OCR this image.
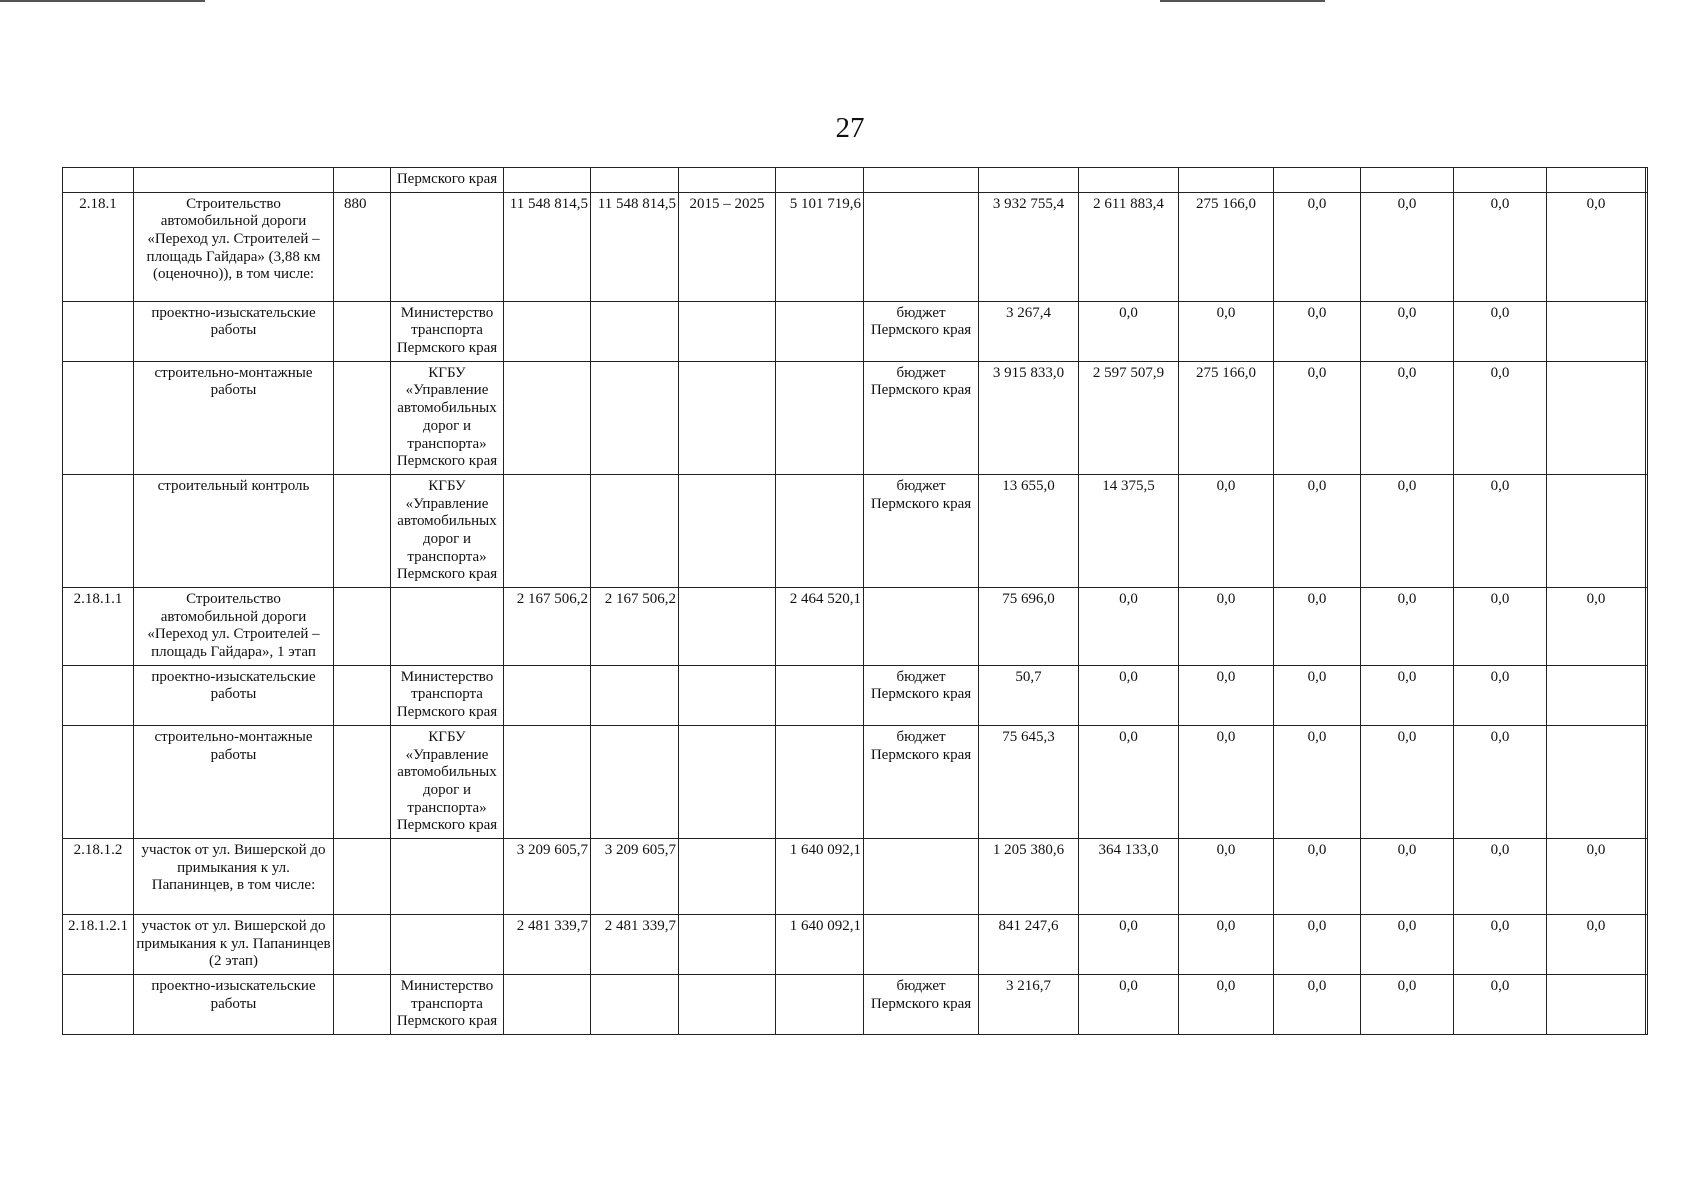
27
			Пермского края													
2.18.1	Строительство автомобильной дороги «Переход ул. Строителей – площадь Гайдара» (3,88 км (оценочно)), в том числе:	880		11 548 814,5	11 548 814,5	2015 – 2025	5 101 719,6		3 932 755,4	2 611 883,4	275 166,0	0,0	0,0	0,0	0,0	
	проектно-изыскательские работы		Министерство транспорта Пермского края					бюджет Пермского края	3 267,4	0,0	0,0	0,0	0,0	0,0		
	строительно-монтажные работы		КГБУ «Управление автомобильных дорог и транспорта» Пермского края					бюджет Пермского края	3 915 833,0	2 597 507,9	275 166,0	0,0	0,0	0,0		
	строительный контроль		КГБУ «Управление автомобильных дорог и транспорта» Пермского края					бюджет Пермского края	13 655,0	14 375,5	0,0	0,0	0,0	0,0		
2.18.1.1	Строительство автомобильной дороги «Переход ул. Строителей – площадь Гайдара», 1 этап			2 167 506,2	2 167 506,2		2 464 520,1		75 696,0	0,0	0,0	0,0	0,0	0,0	0,0	
	проектно-изыскательские работы		Министерство транспорта Пермского края					бюджет Пермского края	50,7	0,0	0,0	0,0	0,0	0,0		
	строительно-монтажные работы		КГБУ «Управление автомобильных дорог и транспорта» Пермского края					бюджет Пермского края	75 645,3	0,0	0,0	0,0	0,0	0,0		
2.18.1.2	участок от ул. Вишерской до примыкания к ул. Папанинцев, в том числе:			3 209 605,7	3 209 605,7		1 640 092,1		1 205 380,6	364 133,0	0,0	0,0	0,0	0,0	0,0	
2.18.1.2.1	участок от ул. Вишерской до примыкания к ул. Папанинцев (2 этап)			2 481 339,7	2 481 339,7		1 640 092,1		841 247,6	0,0	0,0	0,0	0,0	0,0	0,0	
	проектно-изыскательские работы		Министерство транспорта Пермского края					бюджет Пермского края	3 216,7	0,0	0,0	0,0	0,0	0,0		
